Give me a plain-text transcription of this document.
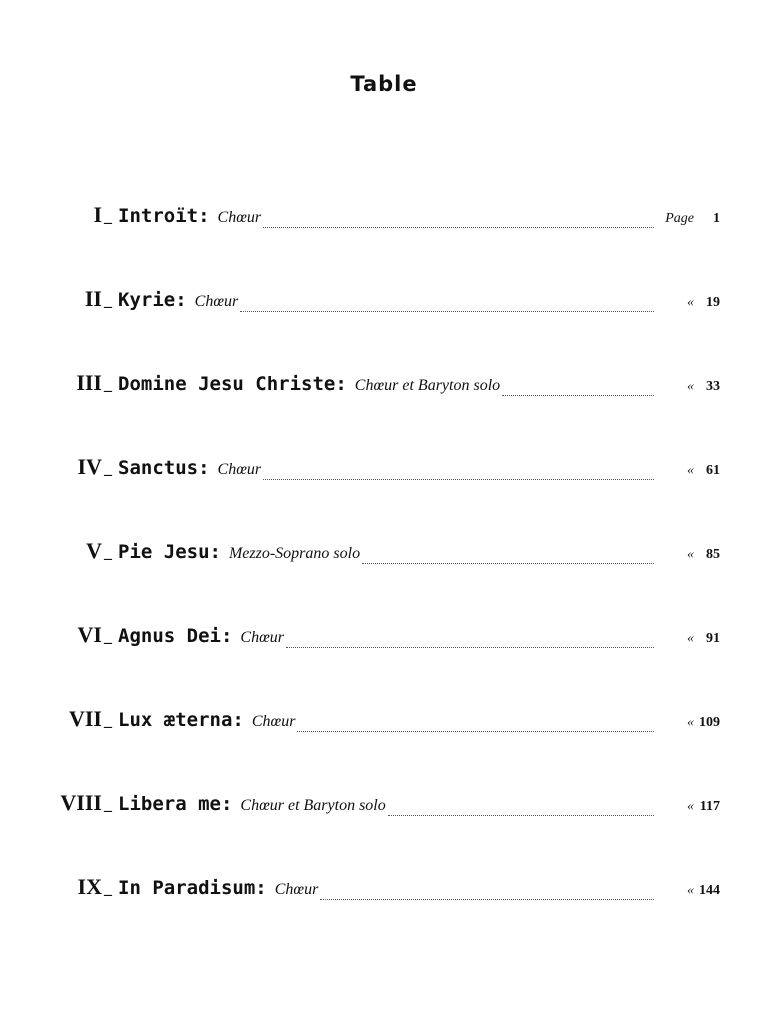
Table
I _ Introït : Chœur	Page	1
II _ Kyrie : Chœur	« 19
III _ Domine Jesu Christe : Chœur et Baryton solo	« 33
IV _ Sanctus : Chœur	« 61
V _ Pie Jesu : Mezzo-Soprano solo	« 85
VI _ Agnus Dei : Chœur	« 91
VII _ Lux æterna : Chœur	« 109
VIII _ Libera me : Chœur et Baryton solo	« 117
IX _ In Paradisum : Chœur	« 144
